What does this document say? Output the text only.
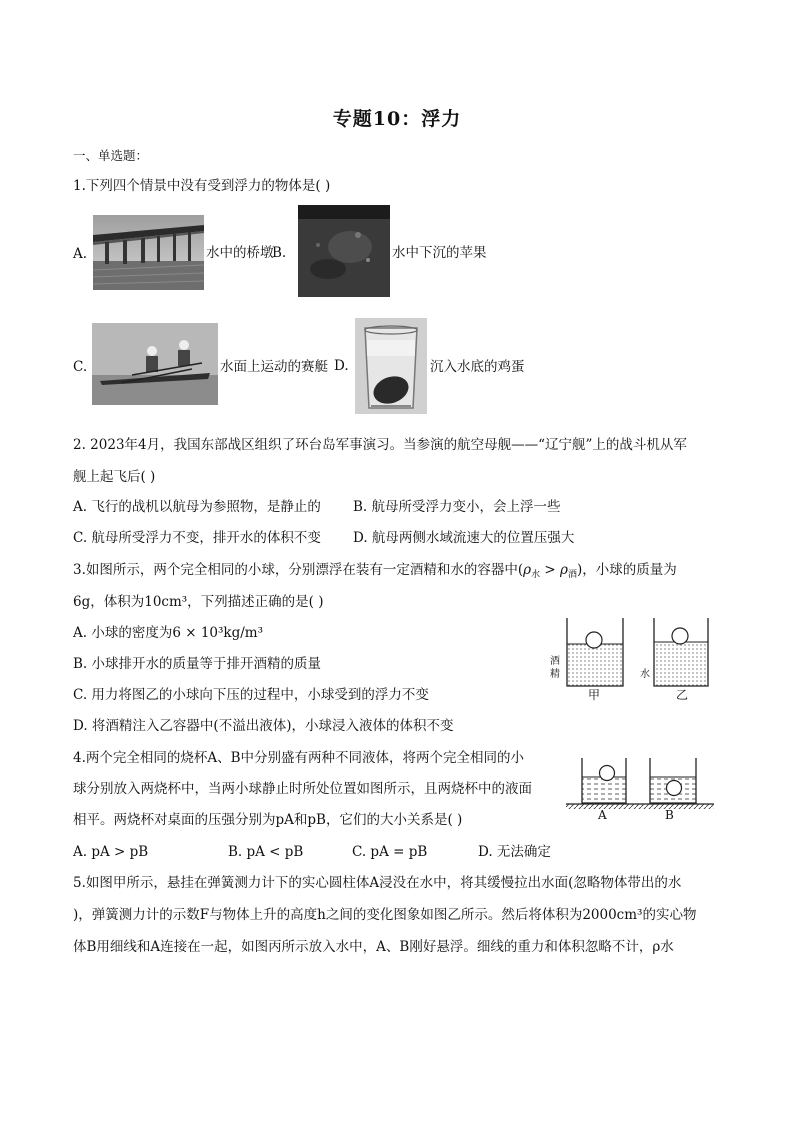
专题10：浮力
一、单选题：
1.下列四个情景中没有受到浮力的物体是( )
A.	水中的桥墩
B.	水中下沉的苹果
C.	水面上运动的赛艇 D.	沉入水底的鸡蛋
2. 2023年4月，我国东部战区组织了环台岛军事演习。当参演的航空母舰——“辽宁舰”上的战斗机从军
舰上起飞后( )
A. 飞行的战机以航母为参照物，是静止的 B. 航母所受浮力变小，会上浮一些
C. 航母所受浮力不变，排开水的体积不变 D. 航母两侧水域流速大的位置压强大
3.如图所示，两个完全相同的小球，分别漂浮在装有一定酒精和水的容器中$(\rho_水 > \rho_酒)$，小球的质量为
6g，体积为10cm³，下列描述正确的是( )
A. 小球的密度为6 × 10³kg/m³
B. 小球排开水的质量等于排开酒精的质量
C. 用力将图乙的小球向下压的过程中，小球受到的浮力不变
D. 将酒精注入乙容器中(不溢出液体)，小球浸入液体的体积不变
酒
精	水
甲	乙
4.两个完全相同的烧杯A、B中分别盛有两种不同液体，将两个完全相同的小
球分别放入两烧杯中，当两小球静止时所处位置如图所示，且两烧杯中的液面
相平。两烧杯对桌面的压强分别为pA和pB，它们的大小关系是( )
A. pA > pB	B. pA < pB	C. pA = pB	D. 无法确定
A	B
5.如图甲所示，悬挂在弹簧测力计下的实心圆柱体A浸没在水中，将其缓慢拉出水面(忽略物体带出的水
)，弹簧测力计的示数F与物体上升的高度h之间的变化图象如图乙所示。然后将体积为2000cm³的实心物
体B用细线和A连接在一起，如图丙所示放入水中，A、B刚好悬浮。细线的重力和体积忽略不计，ρ水
